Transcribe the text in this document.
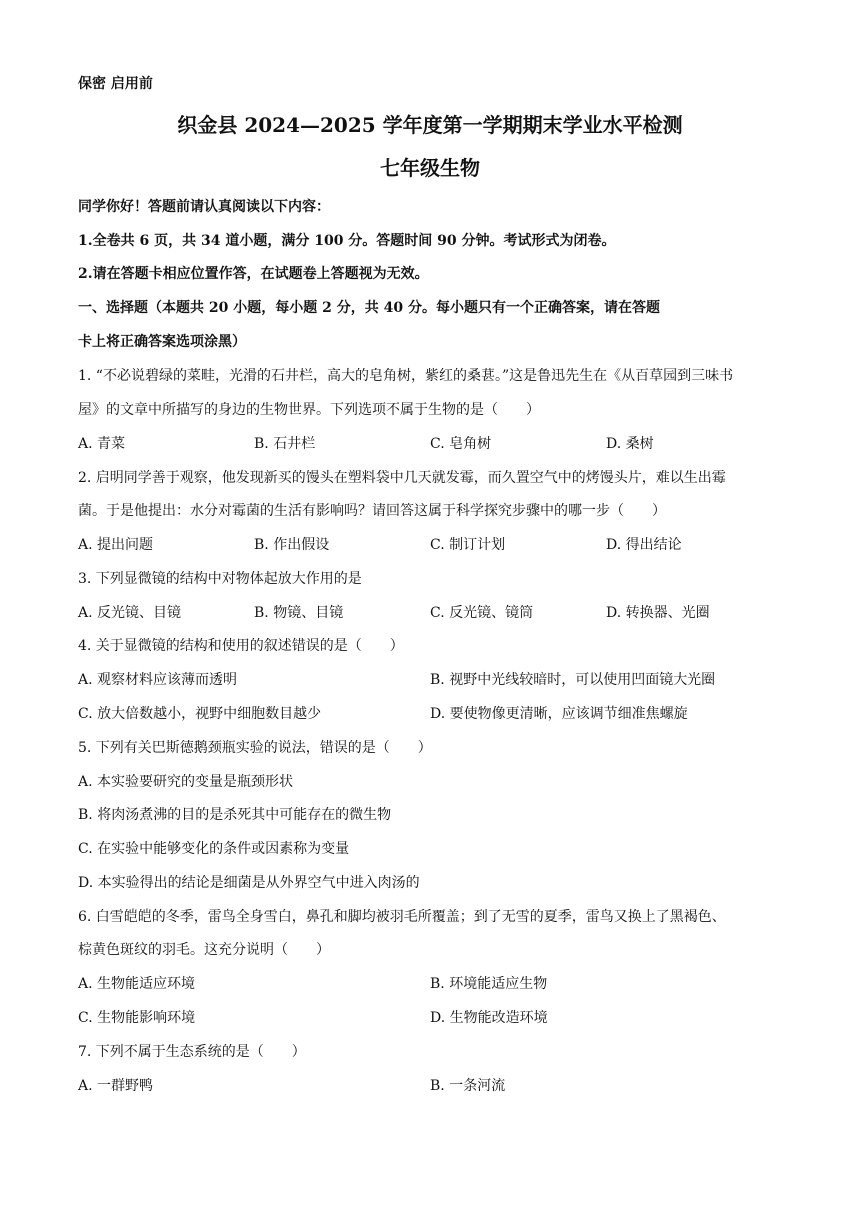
保密 启用前
织金县 2024—2025 学年度第一学期期末学业水平检测
七年级生物
同学你好！答题前请认真阅读以下内容：
1.全卷共 6 页，共 34 道小题，满分 100 分。答题时间 90 分钟。考试形式为闭卷。
2.请在答题卡相应位置作答，在试题卷上答题视为无效。
一、选择题（本题共 20 小题，每小题 2 分，共 40 分。每小题只有一个正确答案，请在答题
卡上将正确答案选项涂黑）
1. “不必说碧绿的菜畦，光滑的石井栏，高大的皂角树，紫红的桑葚。”这是鲁迅先生在《从百草园到三味书
屋》的文章中所描写的身边的生物世界。下列选项不属于生物的是（　　）
A. 青菜	B. 石井栏	C. 皂角树	D. 桑树
2. 启明同学善于观察，他发现新买的馒头在塑料袋中几天就发霉，而久置空气中的烤馒头片，难以生出霉
菌。于是他提出：水分对霉菌的生活有影响吗？请回答这属于科学探究步骤中的哪一步（　　）
A. 提出问题	B. 作出假设	C. 制订计划	D. 得出结论
3. 下列显微镜的结构中对物体起放大作用的是
A. 反光镜、目镜	B. 物镜、目镜	C. 反光镜、镜筒	D. 转换器、光圈
4. 关于显微镜的结构和使用的叙述错误的是（　　）
A. 观察材料应该薄而透明	B. 视野中光线较暗时，可以使用凹面镜大光圈
C. 放大倍数越小，视野中细胞数目越少	D. 要使物像更清晰，应该调节细准焦螺旋
5. 下列有关巴斯德鹅颈瓶实验的说法，错误的是（　　）
A. 本实验要研究的变量是瓶颈形状
B. 将肉汤煮沸的目的是杀死其中可能存在的微生物
C. 在实验中能够变化的条件或因素称为变量
D. 本实验得出的结论是细菌是从外界空气中进入肉汤的
6. 白雪皑皑的冬季，雷鸟全身雪白，鼻孔和脚均被羽毛所覆盖；到了无雪的夏季，雷鸟又换上了黑褐色、
棕黄色斑纹的羽毛。这充分说明（　　）
A. 生物能适应环境	B. 环境能适应生物
C. 生物能影响环境	D. 生物能改造环境
7. 下列不属于生态系统的是（　　）
A. 一群野鸭	B. 一条河流
